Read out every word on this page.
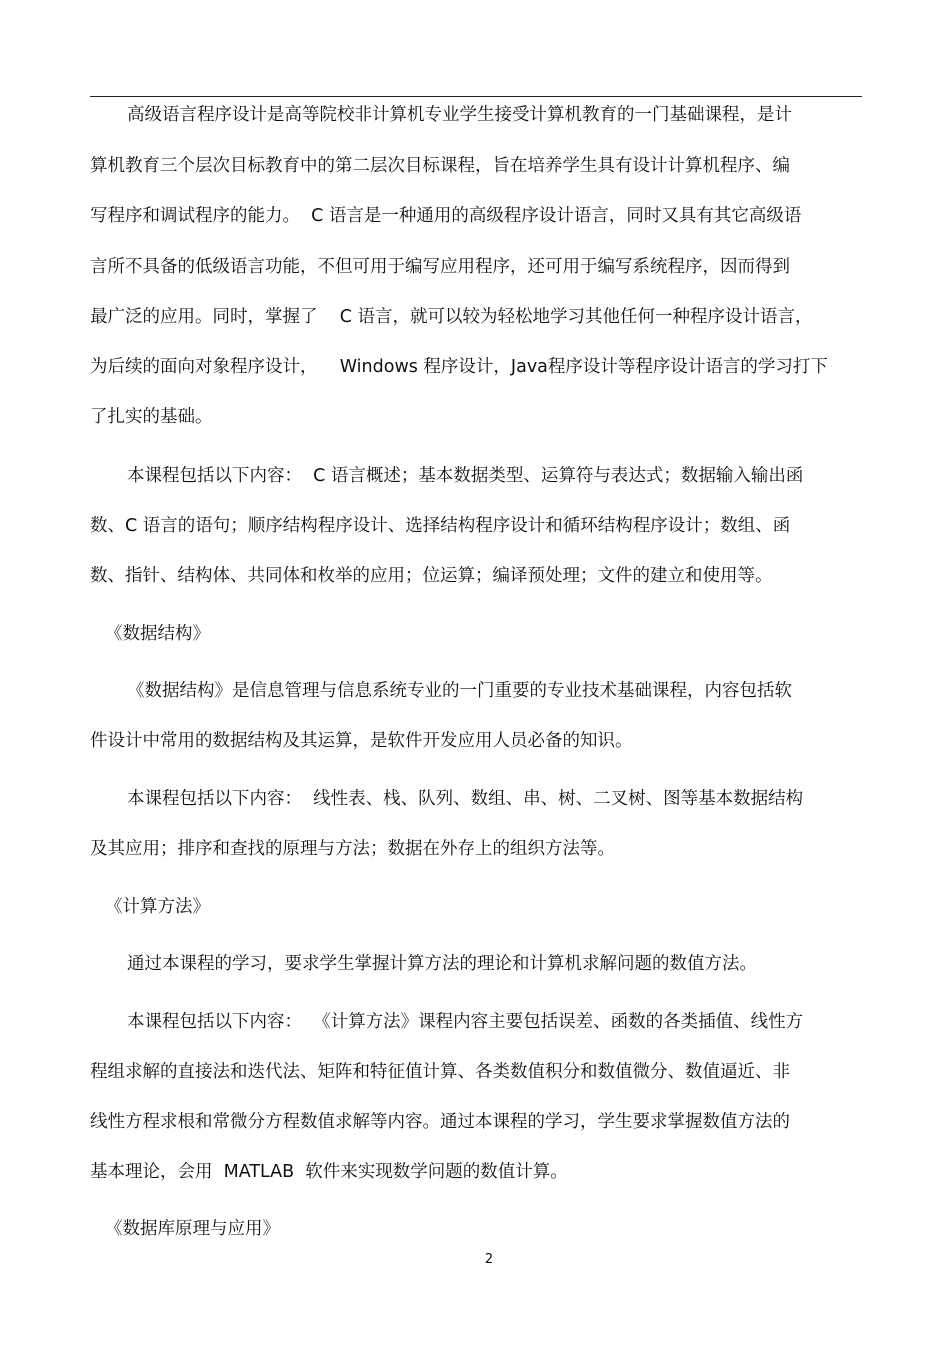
高级语言程序设计是高等院校非计算机专业学生接受计算机教育的一门基础课程，是计

算机教育三个层次目标教育中的第二层次目标课程，旨在培养学生具有设计计算机程序、编

写程序和调试程序的能力。  C 语言是一种通用的高级程序设计语言，同时又具有其它高级语

言所不具备的低级语言功能，不但可用于编写应用程序，还可用于编写系统程序，因而得到

最广泛的应用。同时，掌握了    C 语言，就可以较为轻松地学习其他任何一种程序设计语言，

为后续的面向对象程序设计，    Windows 程序设计，Java程序设计等程序设计语言的学习打下

了扎实的基础。

本课程包括以下内容：  C 语言概述；基本数据类型、运算符与表达式；数据输入输出函

数、C 语言的语句；顺序结构程序设计、选择结构程序设计和循环结构程序设计；数组、函

数、指针、结构体、共同体和枚举的应用；位运算；编译预处理；文件的建立和使用等。

《数据结构》

《数据结构》是信息管理与信息系统专业的一门重要的专业技术基础课程，内容包括软

件设计中常用的数据结构及其运算，是软件开发应用人员必备的知识。

本课程包括以下内容：  线性表、栈、队列、数组、串、树、二叉树、图等基本数据结构

及其应用；排序和查找的原理与方法；数据在外存上的组织方法等。

《计算方法》

通过本课程的学习，要求学生掌握计算方法的理论和计算机求解问题的数值方法。

本课程包括以下内容：  《计算方法》课程内容主要包括误差、函数的各类插值、线性方

程组求解的直接法和迭代法、矩阵和特征值计算、各类数值积分和数值微分、数值逼近、非

线性方程求根和常微分方程数值求解等内容。通过本课程的学习，学生要求掌握数值方法的

基本理论，会用  MATLAB  软件来实现数学问题的数值计算。

《数据库原理与应用》

2
